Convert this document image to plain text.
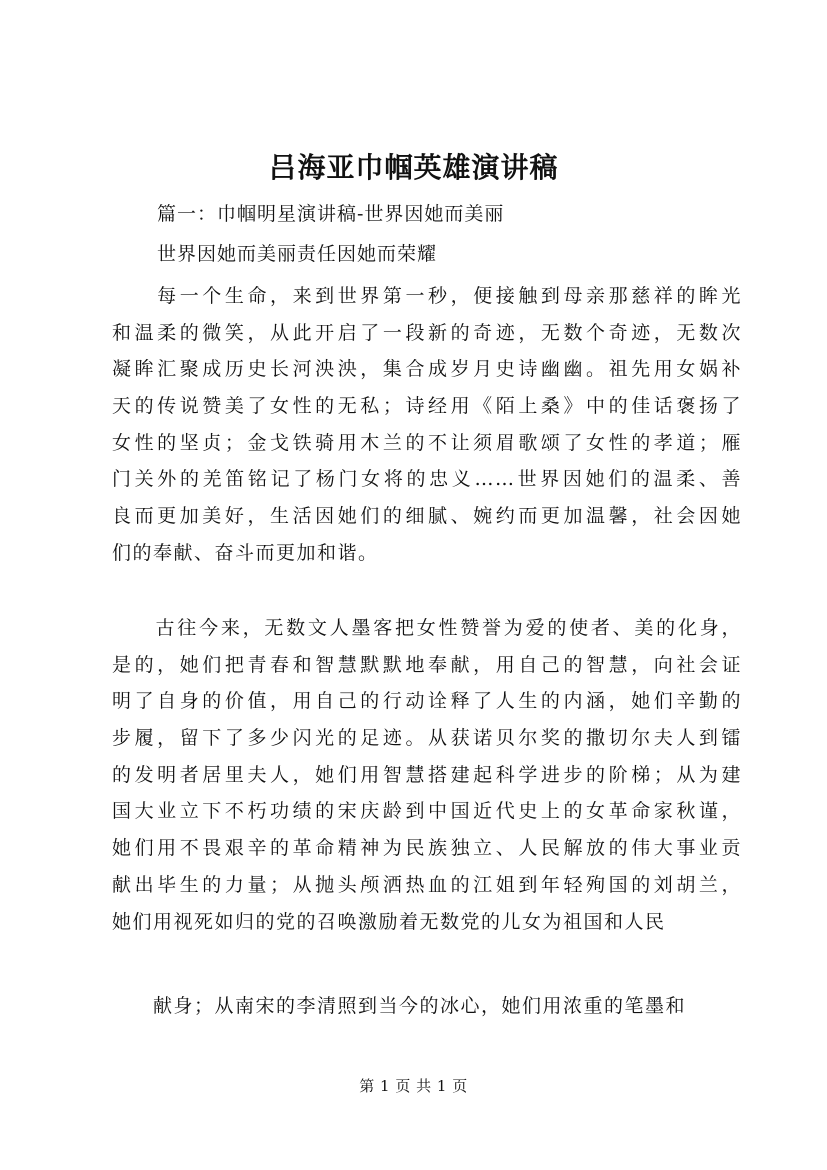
吕海亚巾帼英雄演讲稿

篇一：巾帼明星演讲稿-世界因她而美丽

世界因她而美丽责任因她而荣耀

　　每一个生命，来到世界第一秒，便接触到母亲那慈祥的眸光
和温柔的微笑，从此开启了一段新的奇迹，无数个奇迹，无数次
凝眸汇聚成历史长河泱泱，集合成岁月史诗幽幽。祖先用女娲补
天的传说赞美了女性的无私；诗经用《陌上桑》中的佳话褒扬了
女性的坚贞；金戈铁骑用木兰的不让须眉歌颂了女性的孝道；雁
门关外的羌笛铭记了杨门女将的忠义……世界因她们的温柔、善
良而更加美好，生活因她们的细腻、婉约而更加温馨，社会因她
们的奉献、奋斗而更加和谐。
　　古往今来，无数文人墨客把女性赞誉为爱的使者、美的化身，
是的，她们把青春和智慧默默地奉献，用自己的智慧，向社会证
明了自身的价值，用自己的行动诠释了人生的内涵，她们辛勤的
步履，留下了多少闪光的足迹。从获诺贝尔奖的撒切尔夫人到镭
的发明者居里夫人，她们用智慧搭建起科学进步的阶梯；从为建
国大业立下不朽功绩的宋庆龄到中国近代史上的女革命家秋谨，
她们用不畏艰辛的革命精神为民族独立、人民解放的伟大事业贡
献出毕生的力量；从抛头颅洒热血的江姐到年轻殉国的刘胡兰，
她们用视死如归的党的召唤激励着无数党的儿女为祖国和人民
　　献身；从南宋的李清照到当今的冰心，她们用浓重的笔墨和

第 1 页 共 1 页
